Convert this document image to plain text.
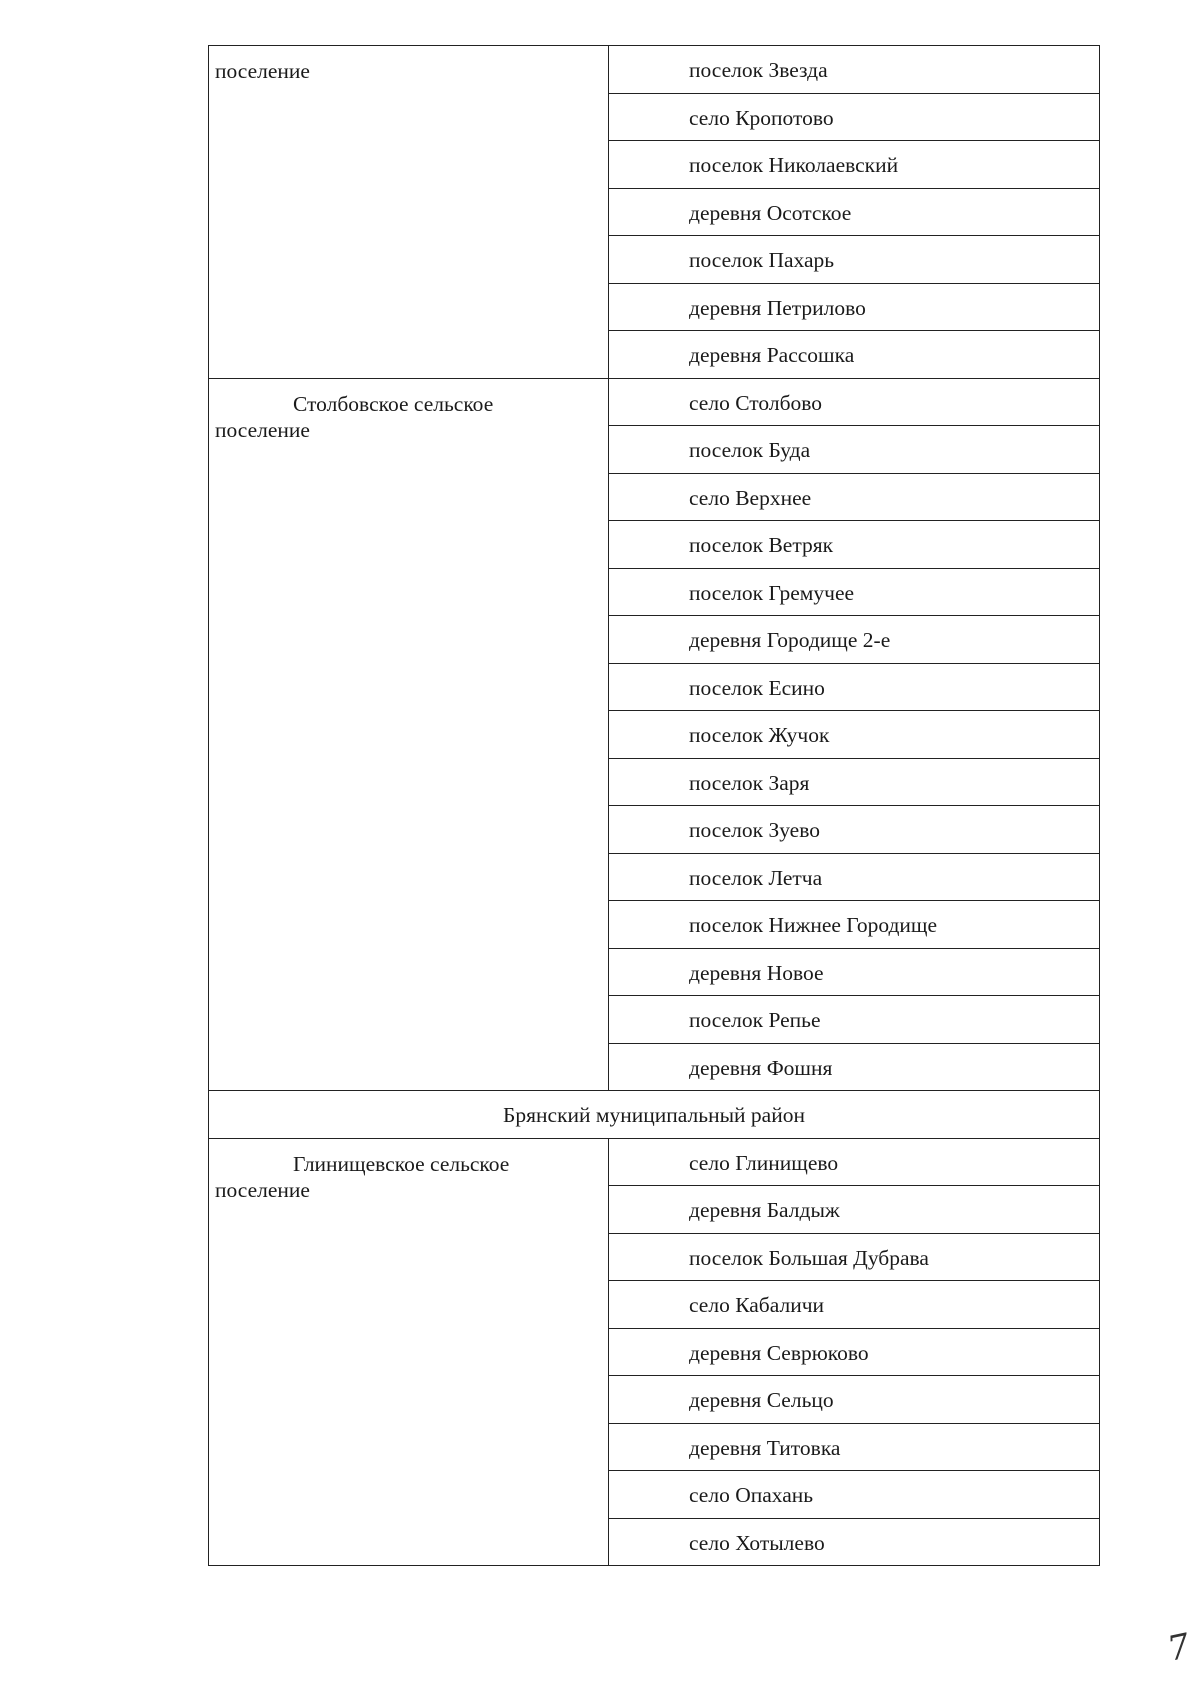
поселение	поселок Звезда
	село Кропотово
	поселок Николаевский
	деревня Осотское
	поселок Пахарь
	деревня Петрилово
	деревня Рассошка

Столбовское сельское
поселение	село Столбово
	поселок Буда
	село Верхнее
	поселок Ветряк
	поселок Гремучее
	деревня Городище 2-е
	поселок Есино
	поселок Жучок
	поселок Заря
	поселок Зуево
	поселок Летча
	поселок Нижнее Городище
	деревня Новое
	поселок Репье
	деревня Фошня
Брянский муниципальный район	

Глинищевское сельское
поселение	село Глинищево
	деревня Балдыж
	поселок Большая Дубрава
	село Кабаличи
	деревня Севрюково
	деревня Сельцо
	деревня Титовка
	село Опахань
	село Хотылево
7
